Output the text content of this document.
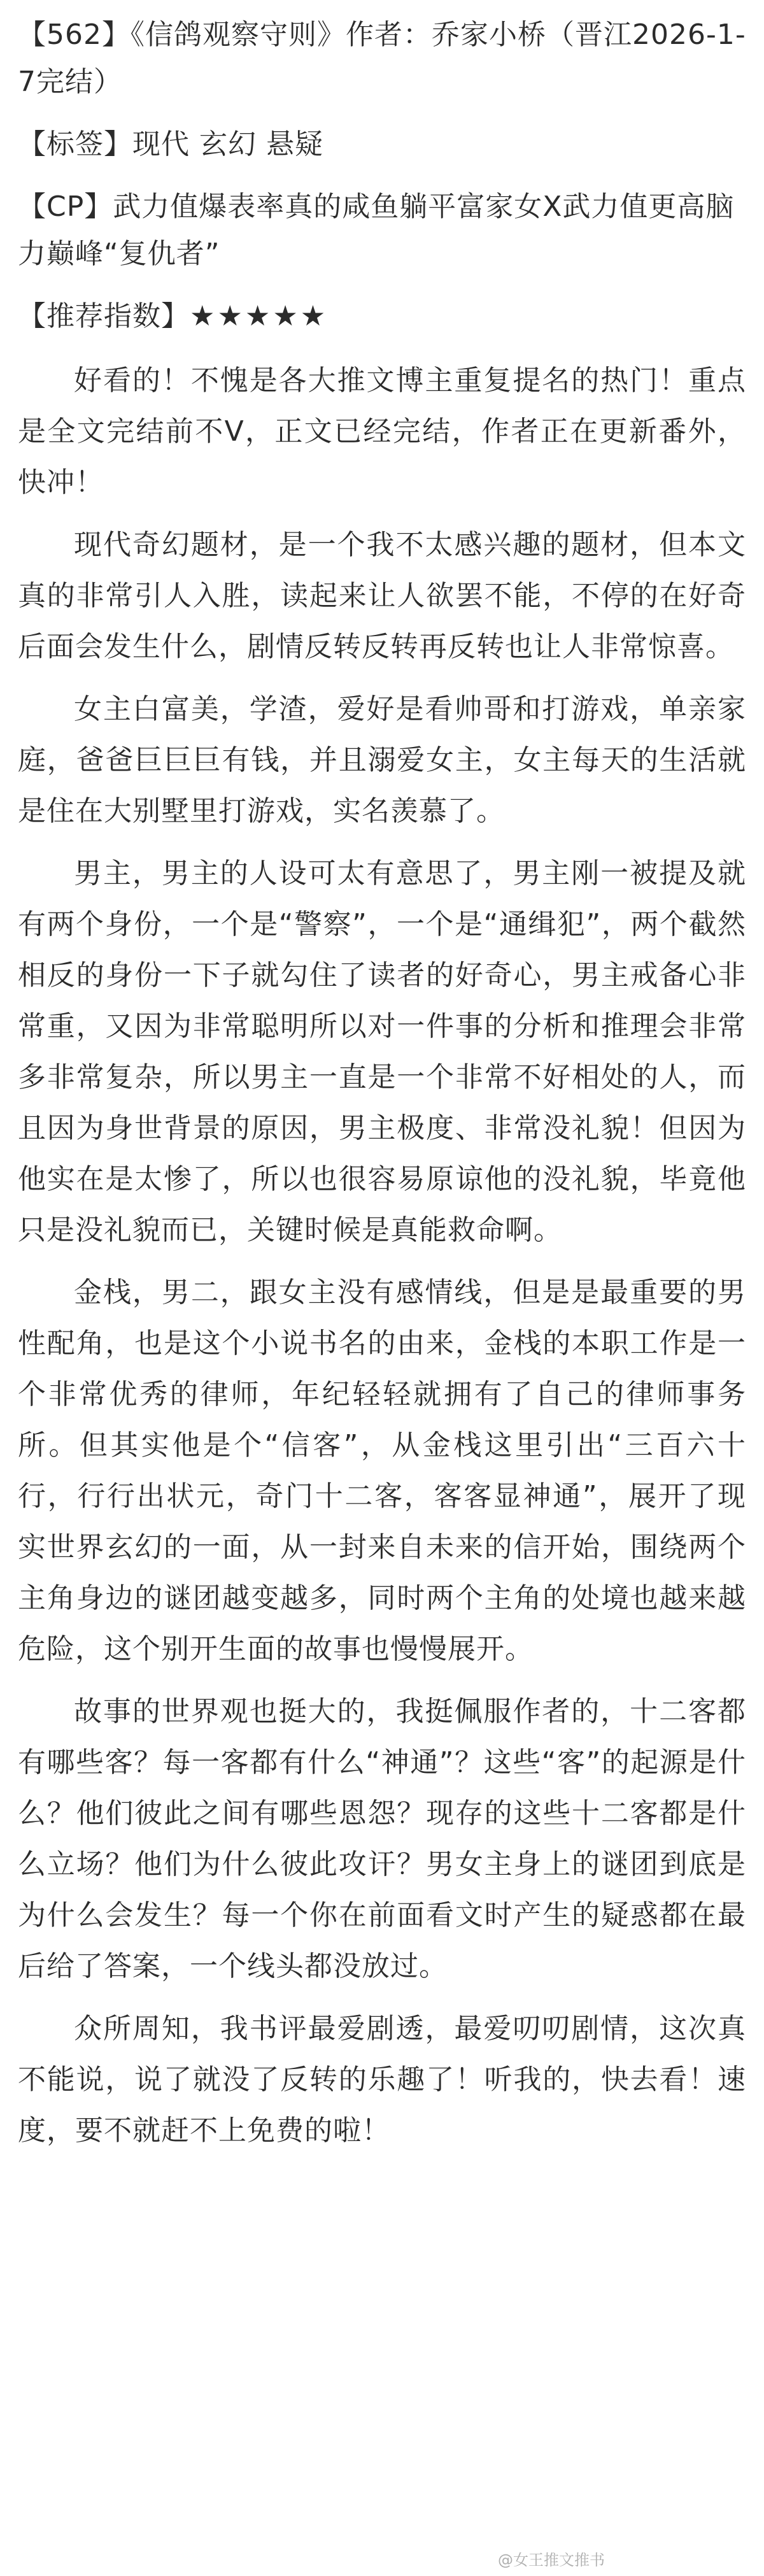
【562】《信鸽观察守则》作者：乔家小桥（晋江2026-1-7完结）
【标签】现代 玄幻 悬疑
【CP】武力值爆表率真的咸鱼躺平富家女X武力值更高脑力巅峰“复仇者”
【推荐指数】★★★★★

好看的！不愧是各大推文博主重复提名的热门！重点是全文完结前不V，正文已经完结，作者正在更新番外，快冲！

现代奇幻题材，是一个我不太感兴趣的题材，但本文真的非常引人入胜，读起来让人欲罢不能，不停的在好奇后面会发生什么，剧情反转反转再反转也让人非常惊喜。

女主白富美，学渣，爱好是看帅哥和打游戏，单亲家庭，爸爸巨巨巨有钱，并且溺爱女主，女主每天的生活就是住在大别墅里打游戏，实名羡慕了。

男主，男主的人设可太有意思了，男主刚一被提及就有两个身份，一个是“警察”，一个是“通缉犯”，两个截然相反的身份一下子就勾住了读者的好奇心，男主戒备心非常重，又因为非常聪明所以对一件事的分析和推理会非常多非常复杂，所以男主一直是一个非常不好相处的人，而且因为身世背景的原因，男主极度、非常没礼貌！但因为他实在是太惨了，所以也很容易原谅他的没礼貌，毕竟他只是没礼貌而已，关键时候是真能救命啊。

金栈，男二，跟女主没有感情线，但是是最重要的男性配角，也是这个小说书名的由来，金栈的本职工作是一个非常优秀的律师，年纪轻轻就拥有了自己的律师事务所。但其实他是个“信客”，从金栈这里引出“三百六十行，行行出状元，奇门十二客，客客显神通”，展开了现实世界玄幻的一面，从一封来自未来的信开始，围绕两个主角身边的谜团越变越多，同时两个主角的处境也越来越危险，这个别开生面的故事也慢慢展开。

故事的世界观也挺大的，我挺佩服作者的，十二客都有哪些客？每一客都有什么“神通”？这些“客”的起源是什么？他们彼此之间有哪些恩怨？现存的这些十二客都是什么立场？他们为什么彼此攻讦？男女主身上的谜团到底是为什么会发生？每一个你在前面看文时产生的疑惑都在最后给了答案，一个线头都没放过。

众所周知，我书评最爱剧透，最爱叨叨剧情，这次真不能说，说了就没了反转的乐趣了！听我的，快去看！速度，要不就赶不上免费的啦！

@女王推文推书
